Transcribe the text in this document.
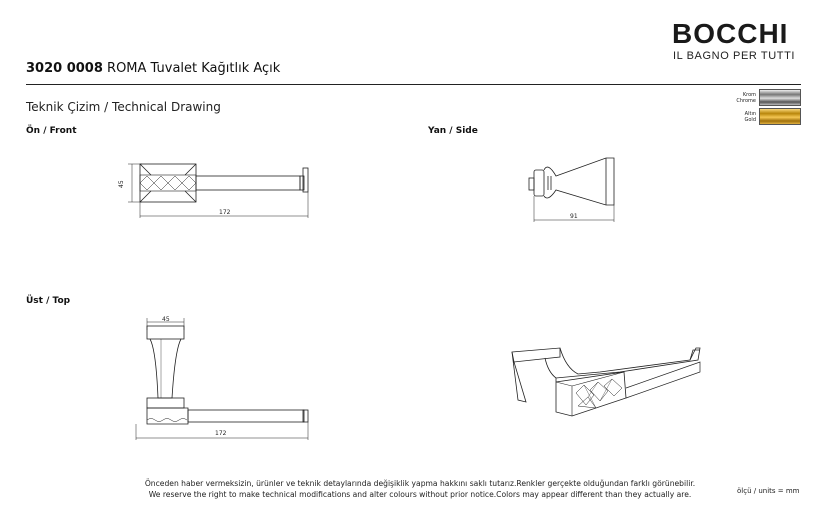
BOCCHI
IL BAGNO PER TUTTI
3020 0008 ROMA Tuvalet Kağıtlık Açık
Teknik Çizim / Technical Drawing
Krom
Chrome
Altın
Gold
Ön / Front	Yan / Side
Üst / Top
45
172
91
45
172
Önceden haber vermeksizin, ürünler ve teknik detaylarında değişiklik yapma hakkını saklı tutarız.Renkler gerçekte olduğundan farklı görünebilir.
We reserve the right to make technical modifications and alter colours without prior notice.Colors may appear different than they actually are.	ölçü / units = mm
